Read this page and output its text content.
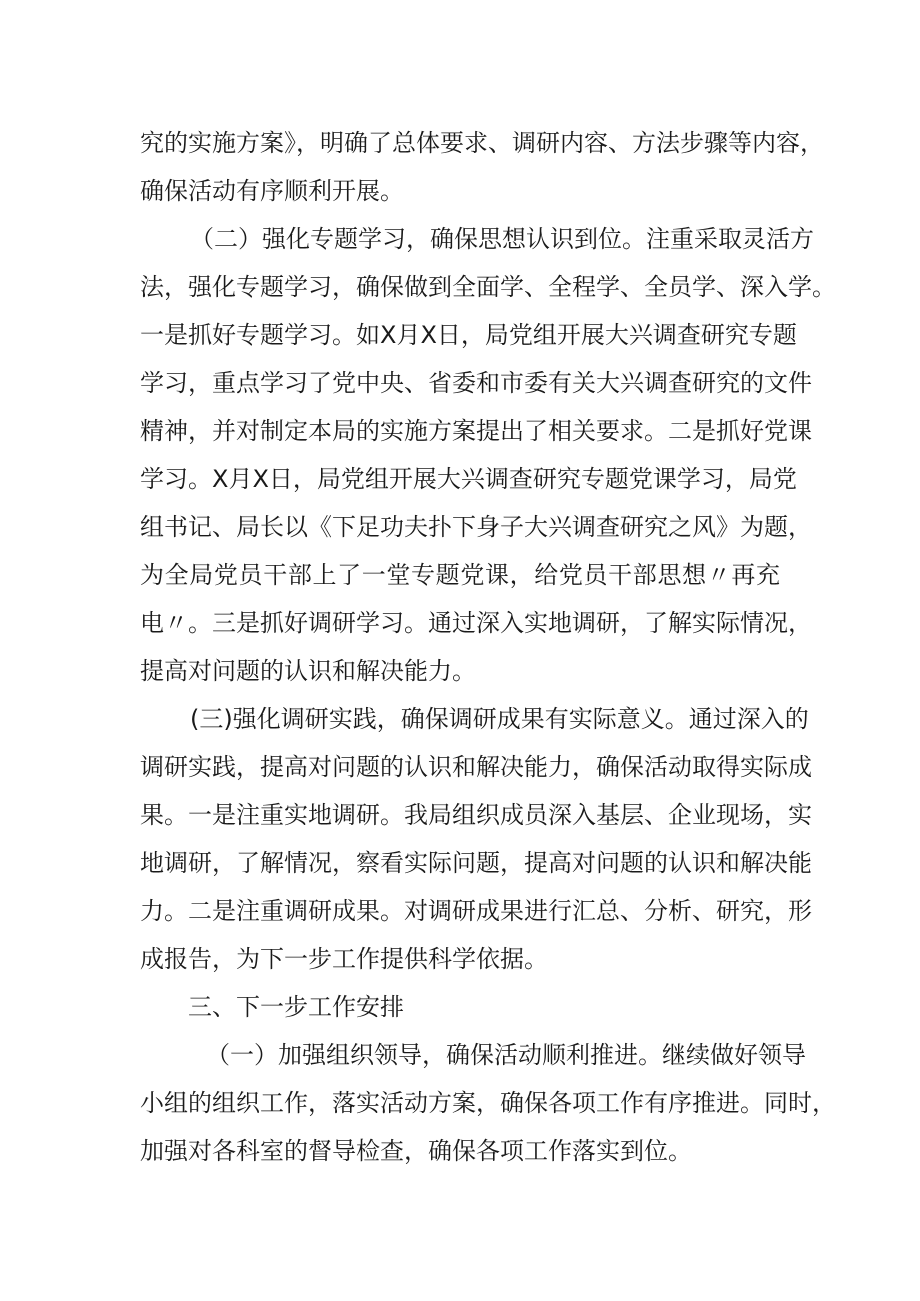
究的实施方案》，明确了总体要求、调研内容、方法步骤等内容，
确保活动有序顺利开展。
（二）强化专题学习，确保思想认识到位。注重采取灵活方
法，强化专题学习，确保做到全面学、全程学、全员学、深入学。
一是抓好专题学习。如X月X日，局党组开展大兴调查研究专题
学习，重点学习了党中央、省委和市委有关大兴调查研究的文件
精神，并对制定本局的实施方案提出了相关要求。二是抓好党课
学习。X月X日，局党组开展大兴调查研究专题党课学习，局党
组书记、局长以《下足功夫扑下身子大兴调查研究之风》为题，
为全局党员干部上了一堂专题党课，给党员干部思想〃再充
电〃。三是抓好调研学习。通过深入实地调研，了解实际情况，
提高对问题的认识和解决能力。
(三)强化调研实践，确保调研成果有实际意义。通过深入的
调研实践，提高对问题的认识和解决能力，确保活动取得实际成
果。一是注重实地调研。我局组织成员深入基层、企业现场，实
地调研，了解情况，察看实际问题，提高对问题的认识和解决能
力。二是注重调研成果。对调研成果进行汇总、分析、研究，形
成报告，为下一步工作提供科学依据。
三、下一步工作安排
（一）加强组织领导，确保活动顺利推进。继续做好领导
小组的组织工作，落实活动方案，确保各项工作有序推进。同时，
加强对各科室的督导检查，确保各项工作落实到位。
